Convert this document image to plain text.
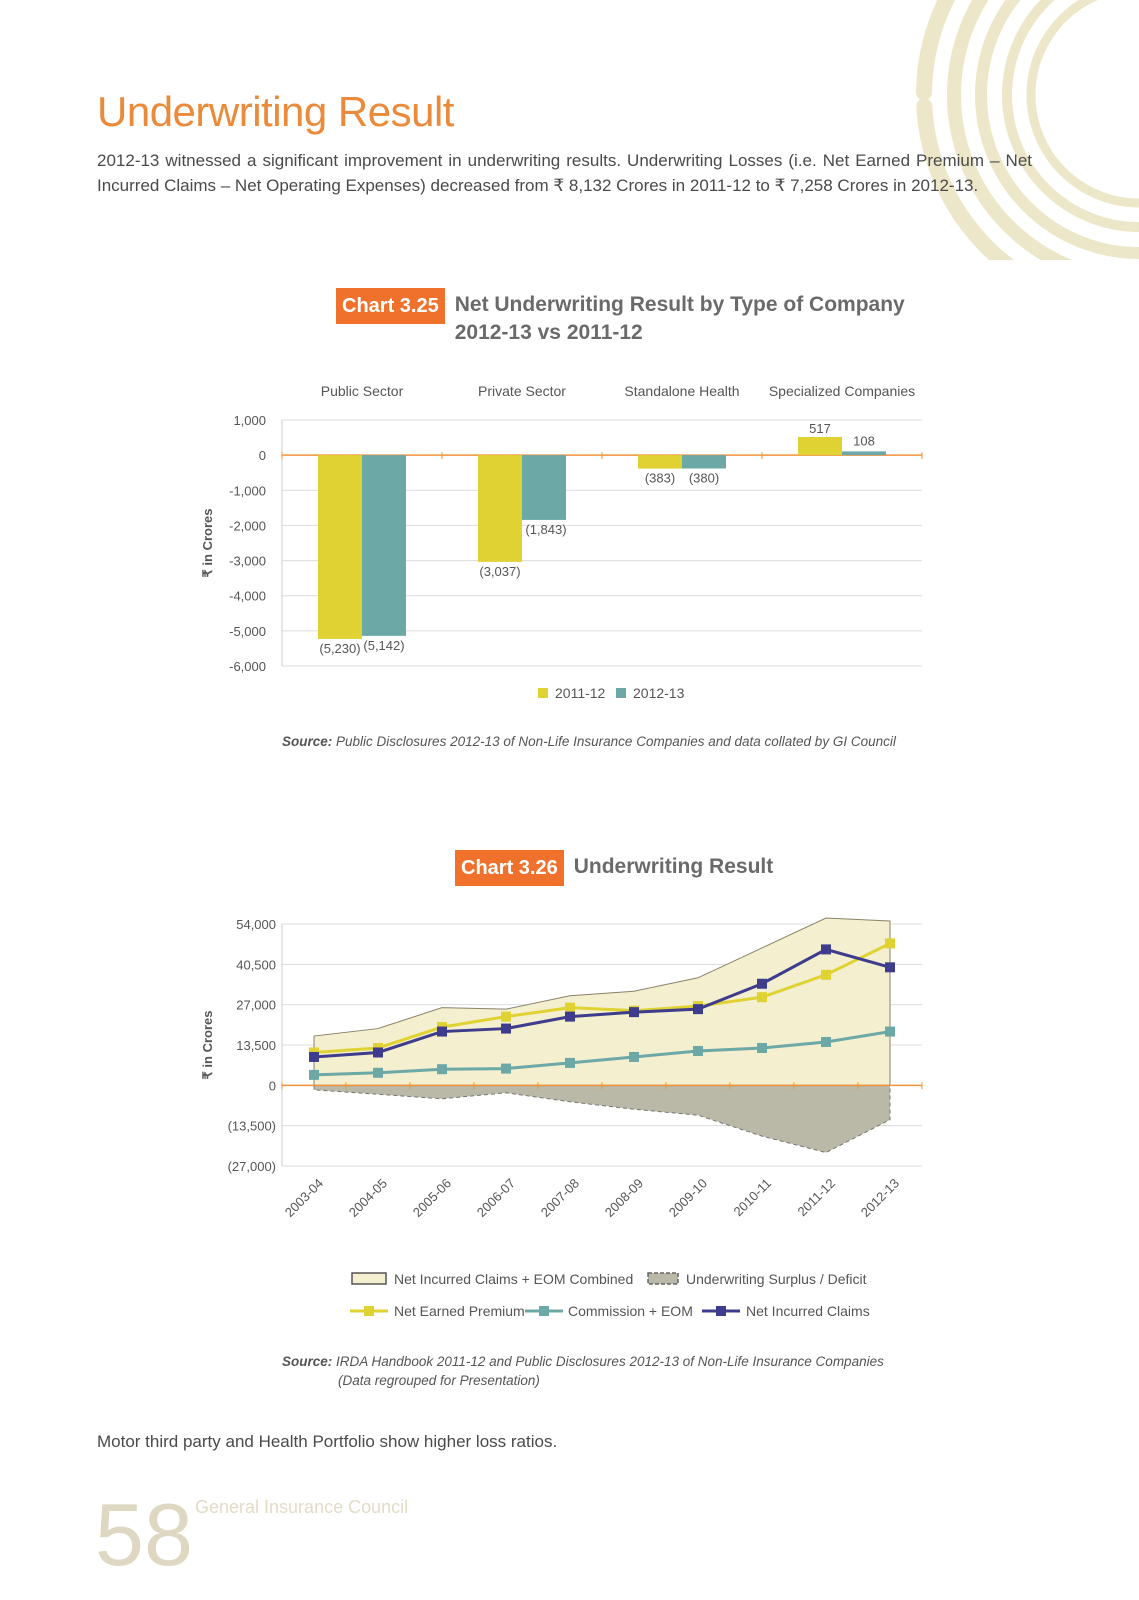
Underwriting Result

2012-13 witnessed a significant improvement in underwriting results. Underwriting Losses (i.e. Net Earned Premium – Net Incurred Claims – Net Operating Expenses) decreased from ₹ 8,132 Crores in 2011-12 to ₹ 7,258 Crores in 2012-13.

Chart 3.25 Net Underwriting Result by Type of Company
2012-13 vs 2011-12
1,000
0
-1,000
-2,000
-3,000
-4,000
-5,000
-6,000
Public Sector
(5,230) (5,142)
Private Sector
(3,037)
(1,843)
Standalone Health
(383) (380)
Specialized Companies
517
108
₹ in Crores
2011-12 2012-13
Source: Public Disclosures 2012-13 of Non-Life Insurance Companies and data collated by GI Council
Chart 3.26 Underwriting Result
54,000
40,500
27,000
13,500
0
(13,500)
(27,000)
2003-04 2004-05 2005-06 2006-07 2007-08 2008-09 2009-10 2010-11 2011-12 2012-13
₹ in Crores
Net Incurred Claims + EOM Combined	Underwriting Surplus / Deficit
Net Earned Premium	Commission + EOM	Net Incurred Claims
Source: IRDA Handbook 2011-12 and Public Disclosures 2012-13 of Non-Life Insurance Companies
(Data regrouped for Presentation)

Motor third party and Health Portfolio show higher loss ratios.

58 General Insurance Council
